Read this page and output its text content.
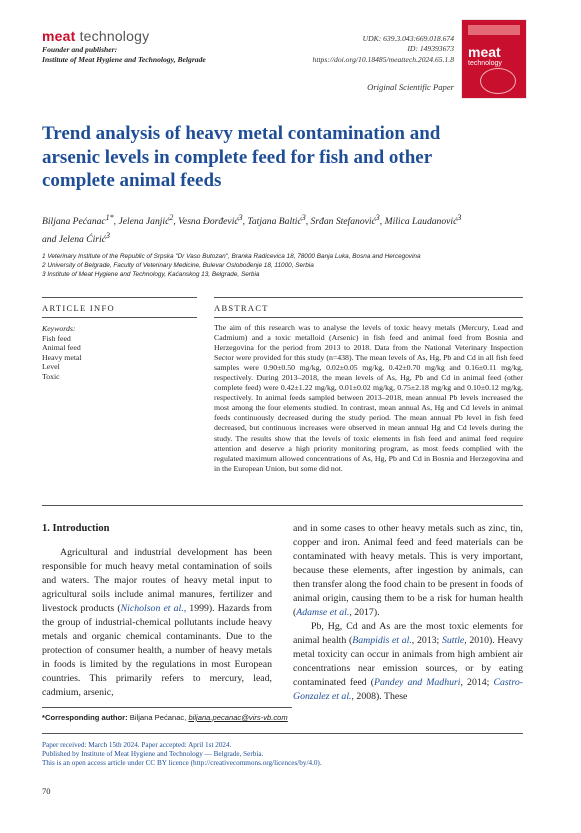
meat technology
Founder and publisher:
Institute of Meat Hygiene and Technology, Belgrade
UDK: 639.3.043:669.018.674
ID: 149393673
https://doi.org/10.18485/meattech.2024.65.1.8 meat
technology
Original Scientific Paper
Trend analysis of heavy metal contamination and arsenic levels in complete feed for fish and other complete animal feeds
Biljana Pećanac$^{1*}$, Jelena Janjić$^2$, Vesna Đorđević$^3$, Tatjana Baltić$^3$, Srđan Stefanović$^3$, Milica Laudanović$^3$
and Jelena Ćirić$^3$
1 Veterinary Institute of the Republic of Srpska "Dr Vaso Butozan", Branka Radicevica 18, 78000 Banja Luka, Bosna and Hercegovina
2 University of Belgrade, Faculty of Veterinary Medicine, Bulevar Oslobođenje 18, 11000, Serbia
3 Institute of Meat Hygiene and Technology, Kaćanskog 13, Belgrade, Serbia
ARTICLE INFO	ABSTRACT
Keywords:
Fish feed
Animal feed
Heavy metal
Level
Toxic
The aim of this research was to analyse the levels of toxic heavy metals (Mercury, Lead and Cadmium) and a toxic metalloid (Arsenic) in fish feed and animal feed from Bosnia and Herzegovina for the period from 2013 to 2018. Data from the National Veterinary Inspection Sector were provided for this study (n=438). The mean levels of As, Hg, Pb and Cd in all fish feed samples were 0.90±0.50 mg/kg, 0.02±0.05 mg/kg, 0.42±0.70 mg/kg and 0.16±0.11 mg/kg, respectively. During 2013–2018, the mean levels of As, Hg, Pb and Cd in animal feed (other complete feed) were 0.42±1.22 mg/kg, 0.01±0.02 mg/kg, 0.75±2.18 mg/kg and 0.10±0.12 mg/kg, respectively. In animal feeds sampled between 2013–2018, mean annual Pb levels increased the most among the four elements studied. In contrast, mean annual As, Hg and Cd levels in animal feeds continuously decreased during the study period. The mean annual Pb level in fish feed decreased, but continuous increases were observed in mean annual Hg and Cd levels during the study. The results show that the levels of toxic elements in fish feed and animal feed require attention and deserve a high priority monitoring program, as most feeds complied with the regulated maximum allowed concentrations of As, Hg, Pb and Cd in Bosnia and Herzegovina and in the European Union, but some did not.
1. Introduction

Agricultural and industrial development has been responsible for much heavy metal contamination of soils and waters. The major routes of heavy metal input to agricultural soils include animal manures, fertilizer and livestock products (Nicholson et al., 1999). Hazards from the group of industrial-chemical pollutants include heavy metals and organic chemical contaminants. Due to the protection of consumer health, a number of heavy metals in foods is limited by the regulations in most European countries. This primarily refers to mercury, lead, cadmium, arsenic,

and in some cases to other heavy metals such as zinc, tin, copper and iron. Animal feed and feed materials can be contaminated with heavy metals. This is very important, because these elements, after ingestion by animals, can then transfer along the food chain to be present in foods of animal origin, causing them to be a risk for human health (Adamse et al., 2017).

Pb, Hg, Cd and As are the most toxic elements for animal health (Bampidis et al., 2013; Suttle, 2010). Heavy metal toxicity can occur in animals from high ambient air concentrations near emission sources, or by eating contaminated feed (Pandey and Madhuri, 2014; Castro-Gonzalez et al., 2008). These

*Corresponding author: Biljana Pećanac, biljana.pecanac@virs-vb.com
Paper received: March 15th 2024. Paper accepted: April 1st 2024.
Published by Institute of Meat Hygiene and Technology — Belgrade, Serbia.
This is an open access article under CC BY licence (http://creativecommons.org/licences/by/4.0).
70
